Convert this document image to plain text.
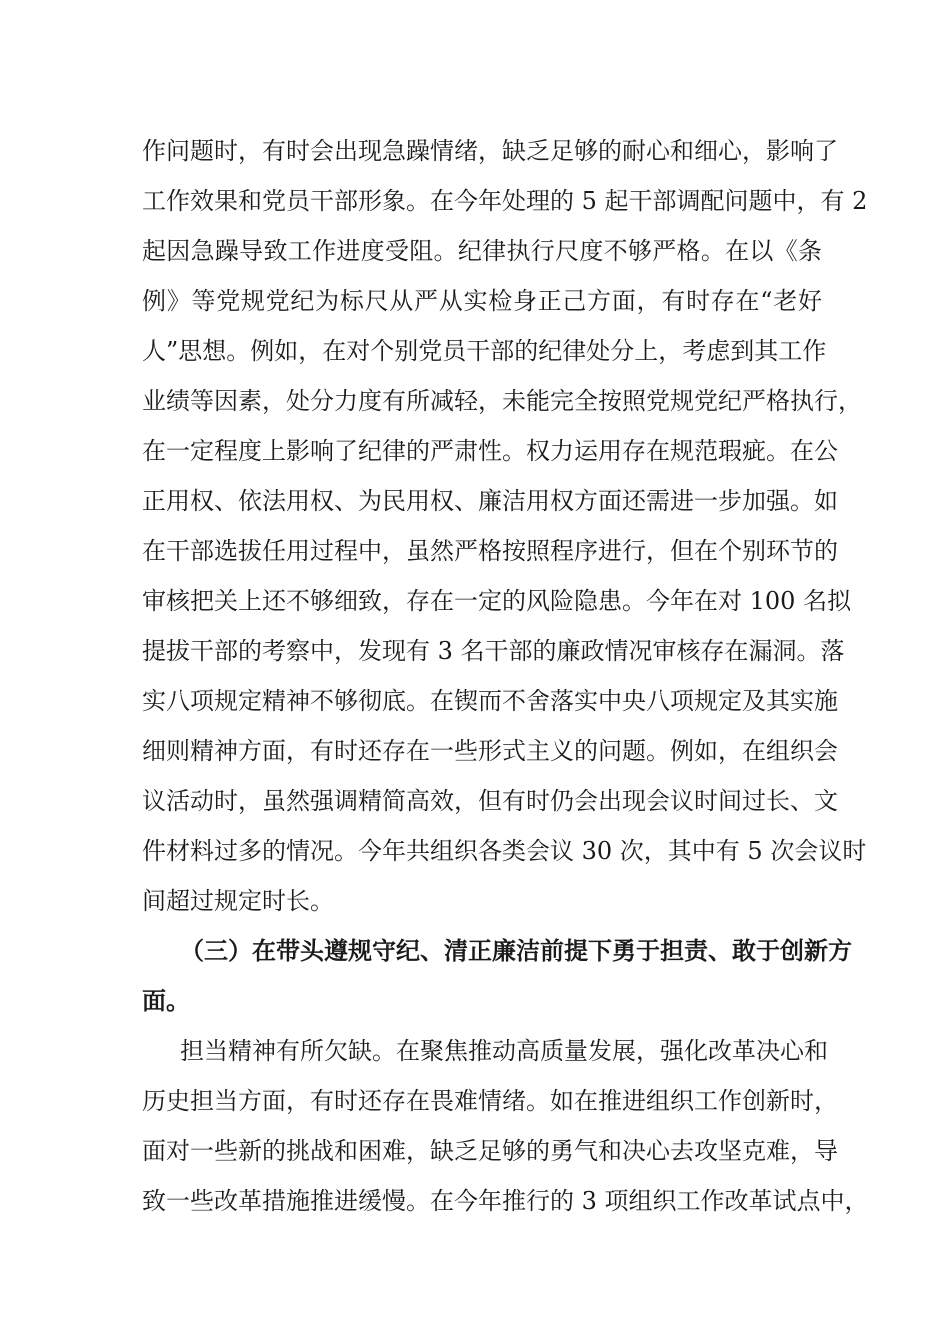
作问题时，有时会出现急躁情绪，缺乏足够的耐心和细心，影响了
工作效果和党员干部形象。在今年处理的 5 起干部调配问题中，有 2
起因急躁导致工作进度受阻。纪律执行尺度不够严格。在以《条
例》等党规党纪为标尺从严从实检身正己方面，有时存在“老好
人”思想。例如，在对个别党员干部的纪律处分上，考虑到其工作
业绩等因素，处分力度有所减轻，未能完全按照党规党纪严格执行，
在一定程度上影响了纪律的严肃性。权力运用存在规范瑕疵。在公
正用权、依法用权、为民用权、廉洁用权方面还需进一步加强。如
在干部选拔任用过程中，虽然严格按照程序进行，但在个别环节的
审核把关上还不够细致，存在一定的风险隐患。今年在对 100 名拟
提拔干部的考察中，发现有 3 名干部的廉政情况审核存在漏洞。落
实八项规定精神不够彻底。在锲而不舍落实中央八项规定及其实施
细则精神方面，有时还存在一些形式主义的问题。例如，在组织会
议活动时，虽然强调精简高效，但有时仍会出现会议时间过长、文
件材料过多的情况。今年共组织各类会议 30 次，其中有 5 次会议时
间超过规定时长。
（三）在带头遵规守纪、清正廉洁前提下勇于担责、敢于创新方
面。
担当精神有所欠缺。在聚焦推动高质量发展，强化改革决心和
历史担当方面，有时还存在畏难情绪。如在推进组织工作创新时，
面对一些新的挑战和困难，缺乏足够的勇气和决心去攻坚克难，导
致一些改革措施推进缓慢。在今年推行的 3 项组织工作改革试点中，
